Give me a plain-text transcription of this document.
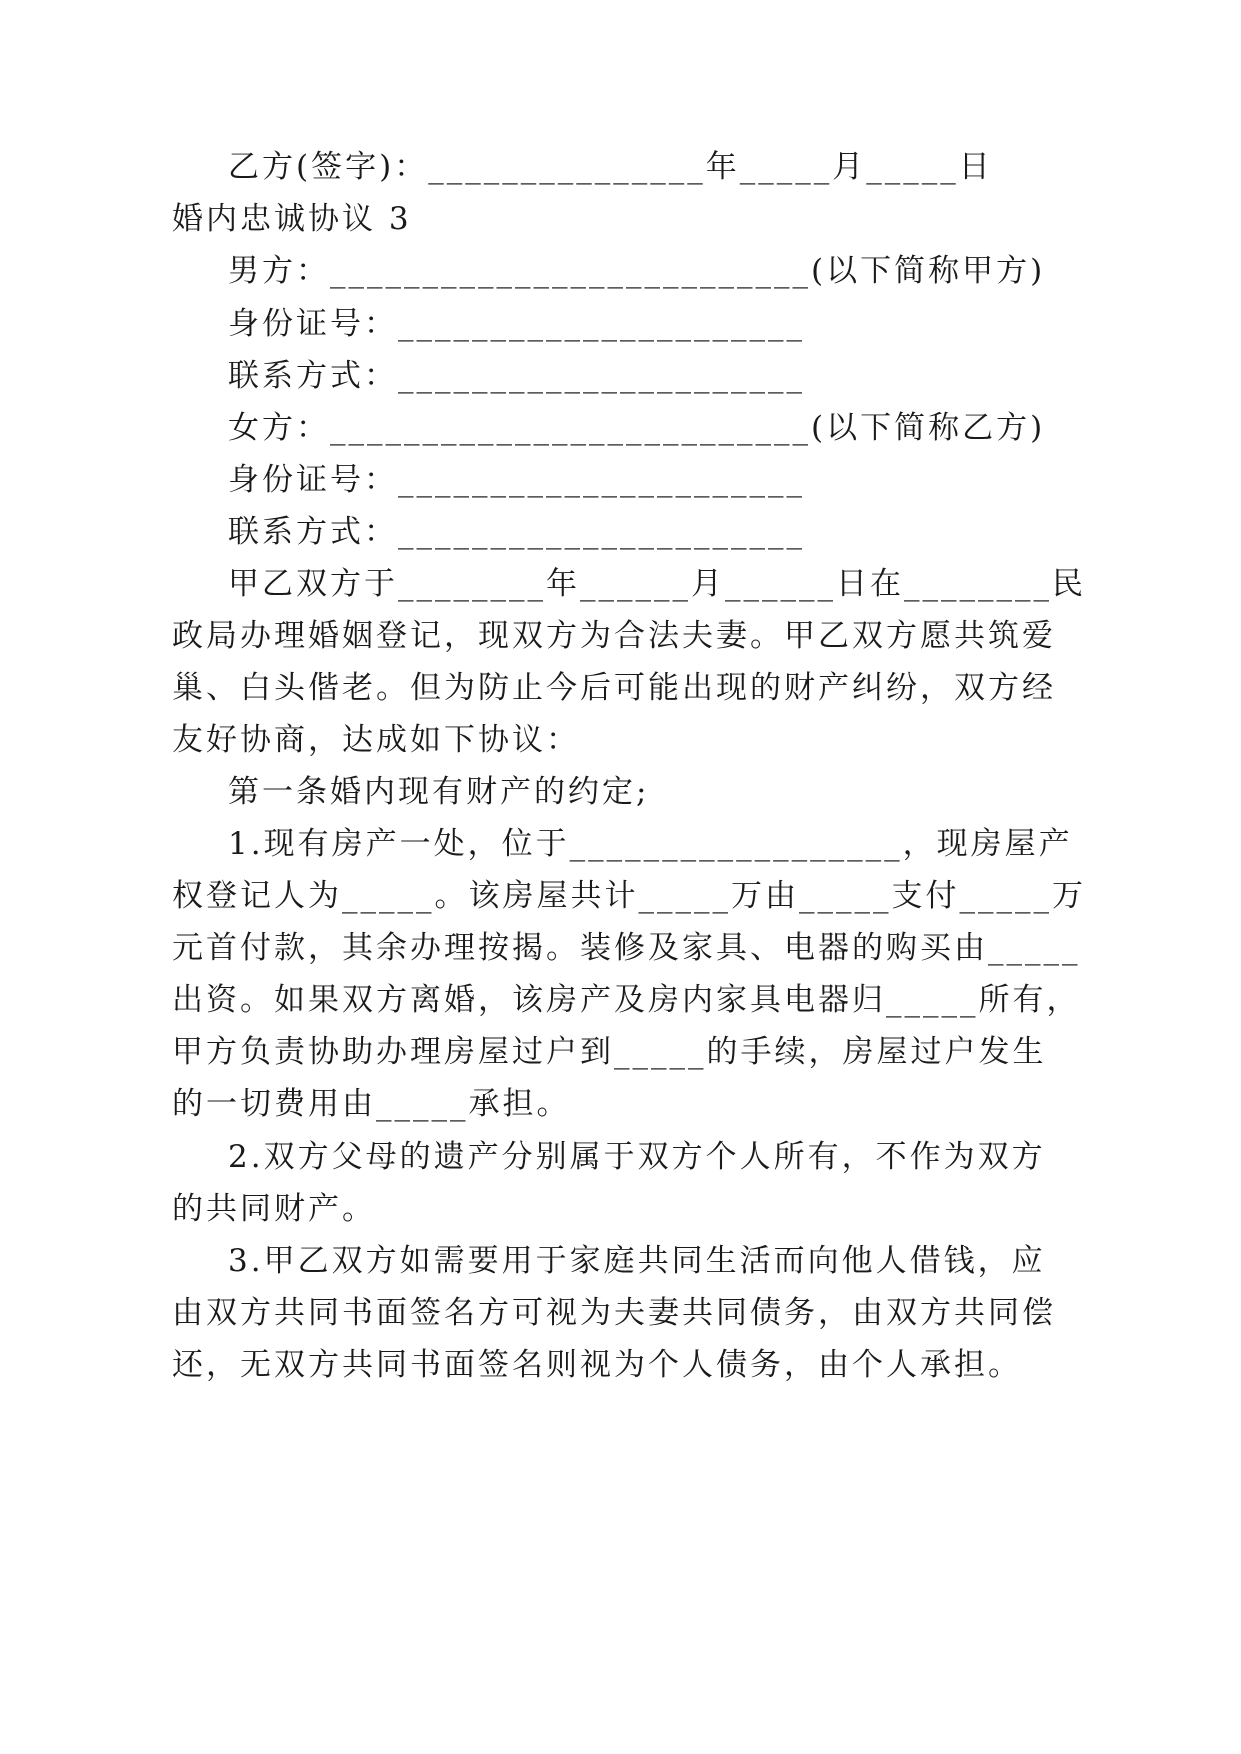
乙方(签字)：_______________年_____月_____日
婚内忠诚协议 3
男方：__________________________(以下简称甲方)
身份证号：______________________
联系方式：______________________
女方：__________________________(以下简称乙方)
身份证号：______________________
联系方式：______________________
甲乙双方于________年______月______日在________民
政局办理婚姻登记，现双方为合法夫妻。甲乙双方愿共筑爱
巢、白头偕老。但为防止今后可能出现的财产纠纷，双方经
友好协商，达成如下协议：
第一条婚内现有财产的约定;
1.现有房产一处，位于__________________，现房屋产
权登记人为_____。该房屋共计_____万由_____支付_____万
元首付款，其余办理按揭。装修及家具、电器的购买由_____
出资。如果双方离婚，该房产及房内家具电器归_____所有，
甲方负责协助办理房屋过户到_____的手续，房屋过户发生
的一切费用由_____承担。
2.双方父母的遗产分别属于双方个人所有，不作为双方
的共同财产。
3.甲乙双方如需要用于家庭共同生活而向他人借钱，应
由双方共同书面签名方可视为夫妻共同债务，由双方共同偿
还，无双方共同书面签名则视为个人债务，由个人承担。
